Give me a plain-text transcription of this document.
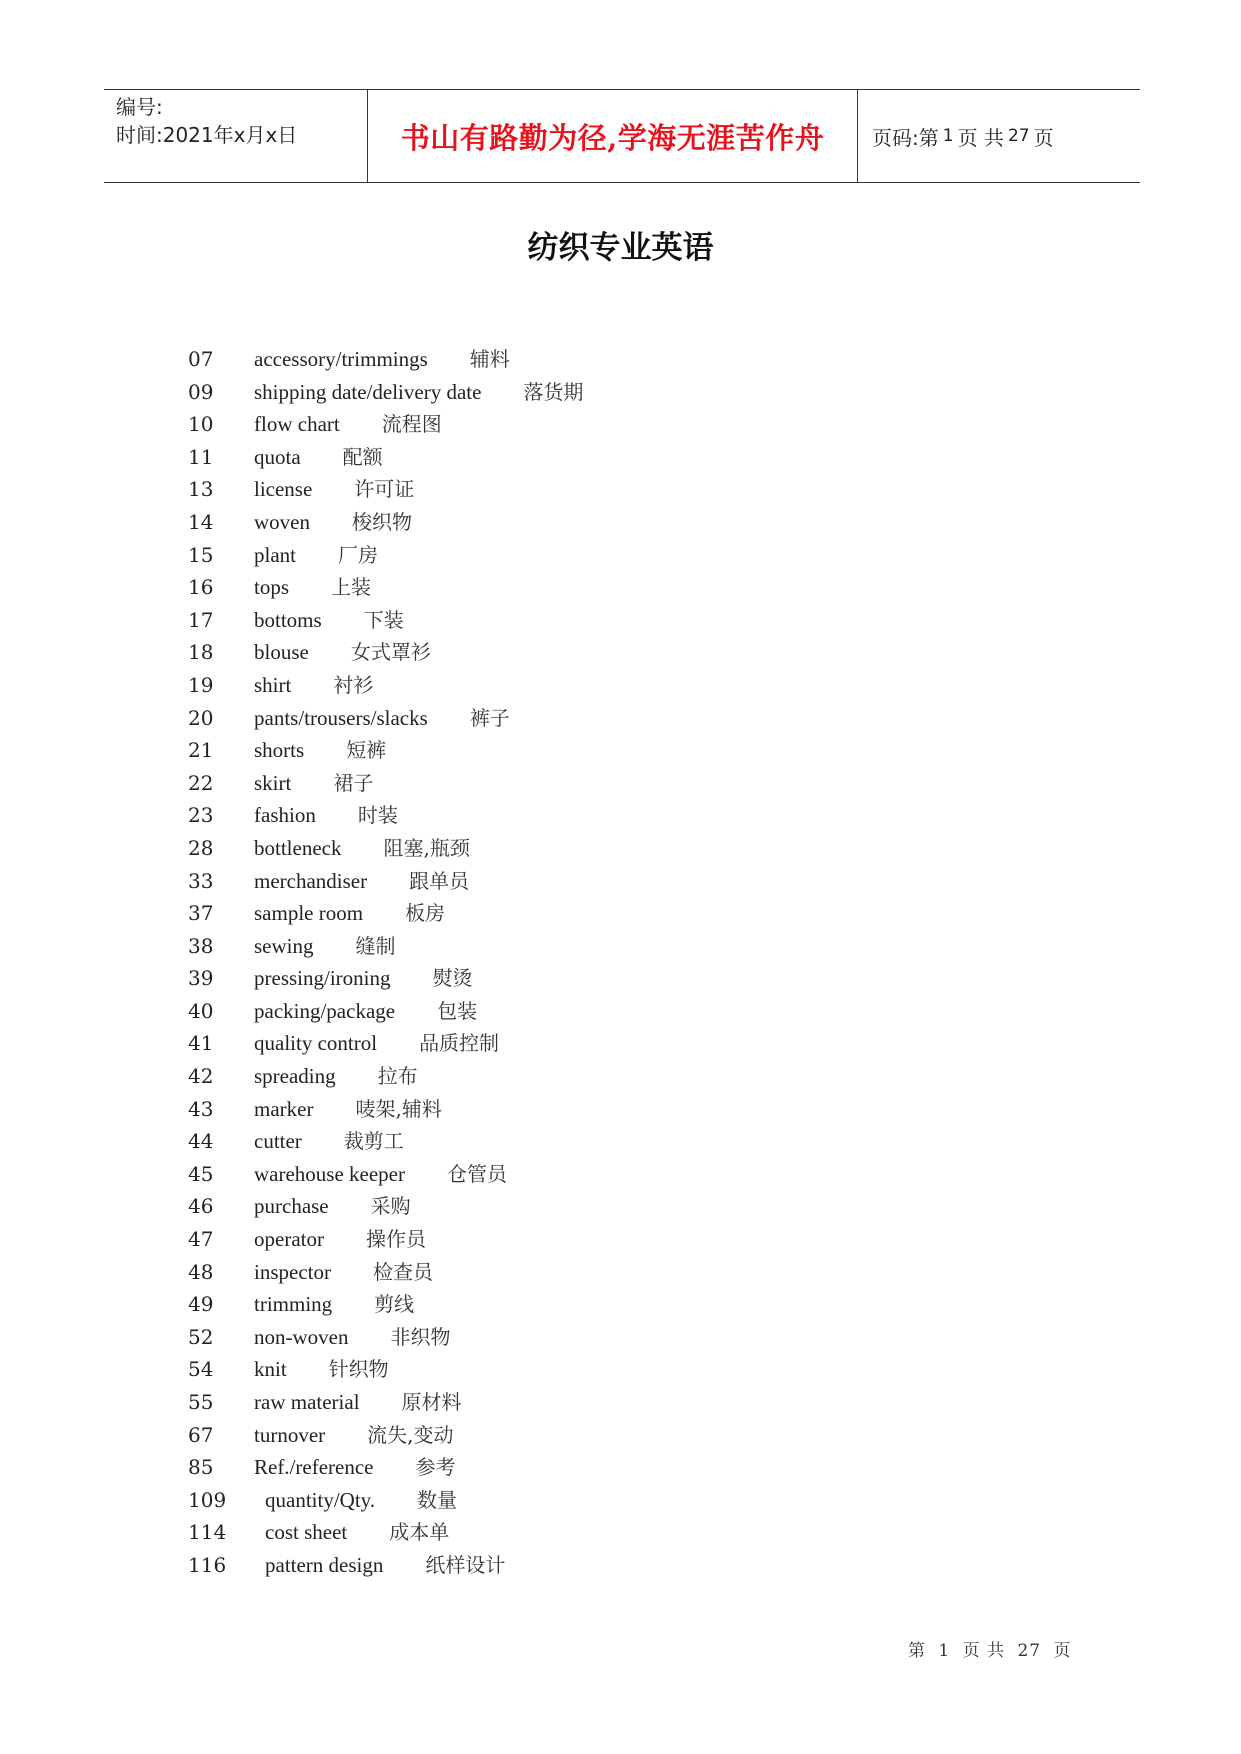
编号:
时间:2021年x月x日	书山有路勤为径,学海无涯苦作舟 页码:第 1 页 共 27 页
纺织专业英语
07 accessory/trimmings 辅料
09 shipping date/delivery date 落货期
10 flow chart 流程图
11 quota 配额
13 license 许可证
14 woven 梭织物
15 plant 厂房
16 tops 上装
17 bottoms 下装
18 blouse 女式罩衫
19 shirt 衬衫
20 pants/trousers/slacks 裤子
21 shorts 短裤
22 skirt 裙子
23 fashion 时装
28 bottleneck 阻塞,瓶颈
33 merchandiser 跟单员
37 sample room 板房
38 sewing 缝制
39 pressing/ironing 熨烫
40 packing/package 包装
41 quality control 品质控制
42 spreading 拉布
43 marker 唛架,辅料
44 cutter 裁剪工
45 warehouse keeper 仓管员
46 purchase 采购
47 operator 操作员
48 inspector 检查员
49 trimming 剪线
52 non-woven 非织物
54 knit 针织物
55 raw material 原材料
67 turnover 流失,变动
85 Ref./reference 参考
109 quantity/Qty. 数量
114 cost sheet 成本单
116 pattern design 纸样设计
第 1 页 共 27 页
